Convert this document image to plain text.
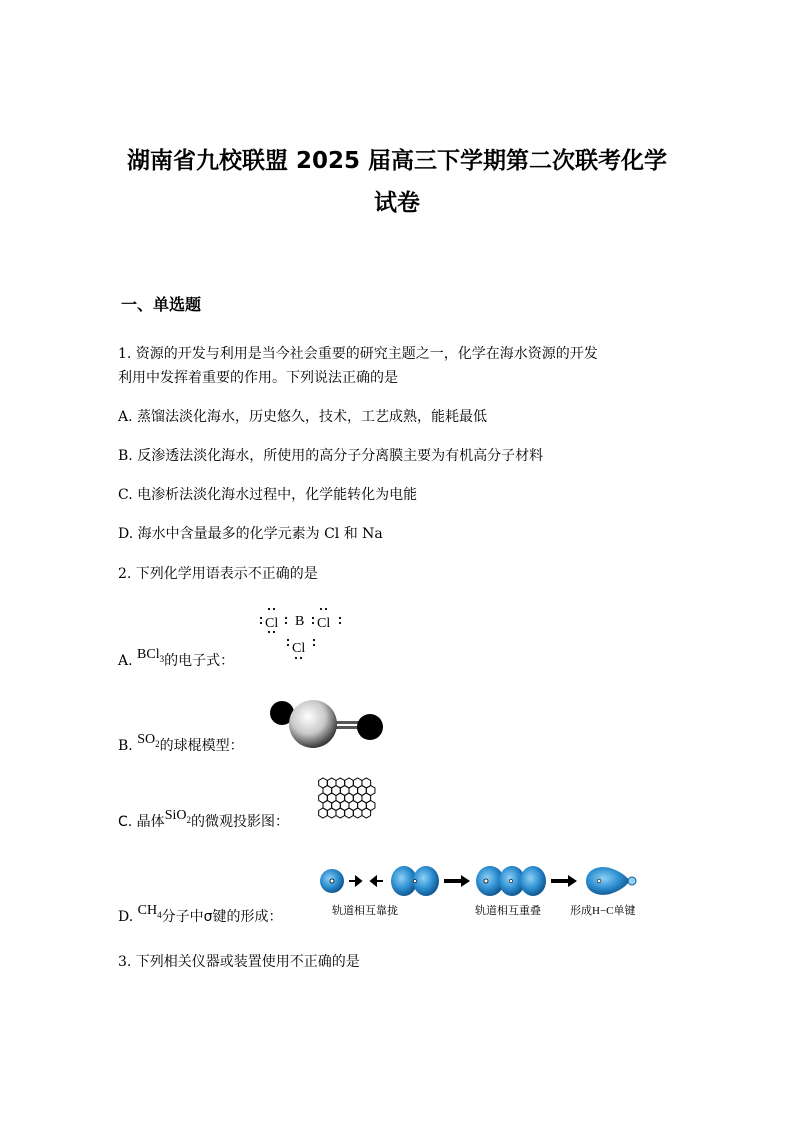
湖南省九校联盟 2025 届高三下学期第二次联考化学
试卷
一、单选题
1. 资源的开发与利用是当今社会重要的研究主题之一，化学在海水资源的开发
利用中发挥着重要的作用。下列说法正确的是
A. 蒸馏法淡化海水，历史悠久，技术，工艺成熟，能耗最低
B. 反渗透法淡化海水，所使用的高分子分离膜主要为有机高分子材料
C. 电渗析法淡化海水过程中，化学能转化为电能
D. 海水中含量最多的化学元素为 Cl 和 Na
2. 下列化学用语表示不正确的是
A. BCl$_3$的电子式：
Cl B Cl
Cl
B. $SO_2$的球棍模型：
C. 晶体SiO$_2$的微观投影图：
D. $CH_4$分子中σ键的形成：	轨道相互靠拢	轨道相互重叠	形成H−C单键
3. 下列相关仪器或装置使用不正确的是
